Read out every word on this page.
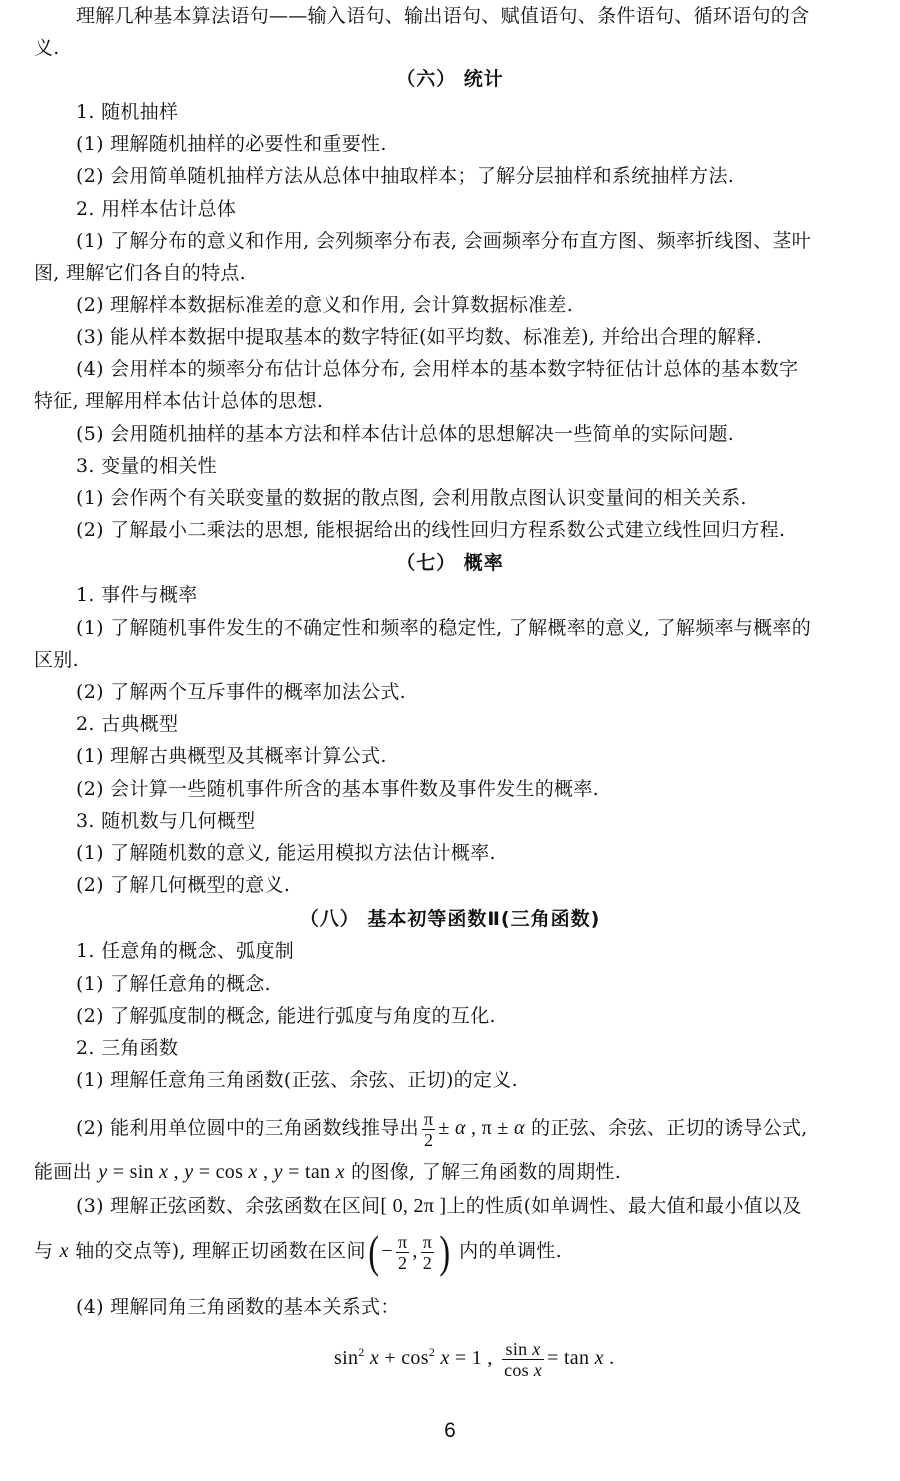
理解几种基本算法语句——输入语句、输出语句、赋值语句、条件语句、循环语句的含
义.
（六） 统计
1. 随机抽样
(1) 理解随机抽样的必要性和重要性.
(2) 会用简单随机抽样方法从总体中抽取样本；了解分层抽样和系统抽样方法.
2. 用样本估计总体
(1) 了解分布的意义和作用, 会列频率分布表, 会画频率分布直方图、频率折线图、茎叶
图, 理解它们各自的特点.
(2) 理解样本数据标准差的意义和作用, 会计算数据标准差.
(3) 能从样本数据中提取基本的数字特征(如平均数、标准差), 并给出合理的解释.
(4) 会用样本的频率分布估计总体分布, 会用样本的基本数字特征估计总体的基本数字
特征, 理解用样本估计总体的思想.
(5) 会用随机抽样的基本方法和样本估计总体的思想解决一些简单的实际问题.
3. 变量的相关性
(1) 会作两个有关联变量的数据的散点图, 会利用散点图认识变量间的相关关系.
(2) 了解最小二乘法的思想, 能根据给出的线性回归方程系数公式建立线性回归方程.
（七） 概率
1. 事件与概率
(1) 了解随机事件发生的不确定性和频率的稳定性, 了解概率的意义, 了解频率与概率的
区别.
(2) 了解两个互斥事件的概率加法公式.
2. 古典概型
(1) 理解古典概型及其概率计算公式.
(2) 会计算一些随机事件所含的基本事件数及事件发生的概率.
3. 随机数与几何概型
(1) 了解随机数的意义, 能运用模拟方法估计概率.
(2) 了解几何概型的意义.
（八） 基本初等函数Ⅱ(三角函数)
1. 任意角的概念、弧度制
(1) 了解任意角的概念.
(2) 了解弧度制的概念, 能进行弧度与角度的互化.
2. 三角函数
(1) 理解任意角三角函数(正弦、余弦、正切)的定义.
(2) 能利用单位圆中的三角函数线推导出 $\frac{\pi}{2} \pm \alpha$ , π ± α 的正弦、余弦、正切的诱导公式,
能画出 y = sin x , y = cos x , y = tan x 的图像, 了解三角函数的周期性.
(3) 理解正弦函数、余弦函数在区间[ 0, 2π ]上的性质(如单调性、最大值和最小值以及
与 x 轴的交点等), 理解正切函数在区间( − $\frac{\pi}{2}$ , $\frac{\pi}{2}$ ) 内的单调性.
(4) 理解同角三角函数的基本关系式：
$\sin^2 x + \cos^2 x = 1$ , $\frac{\text{sin x}}{\text{cos x}} = \tan x$ .
6
